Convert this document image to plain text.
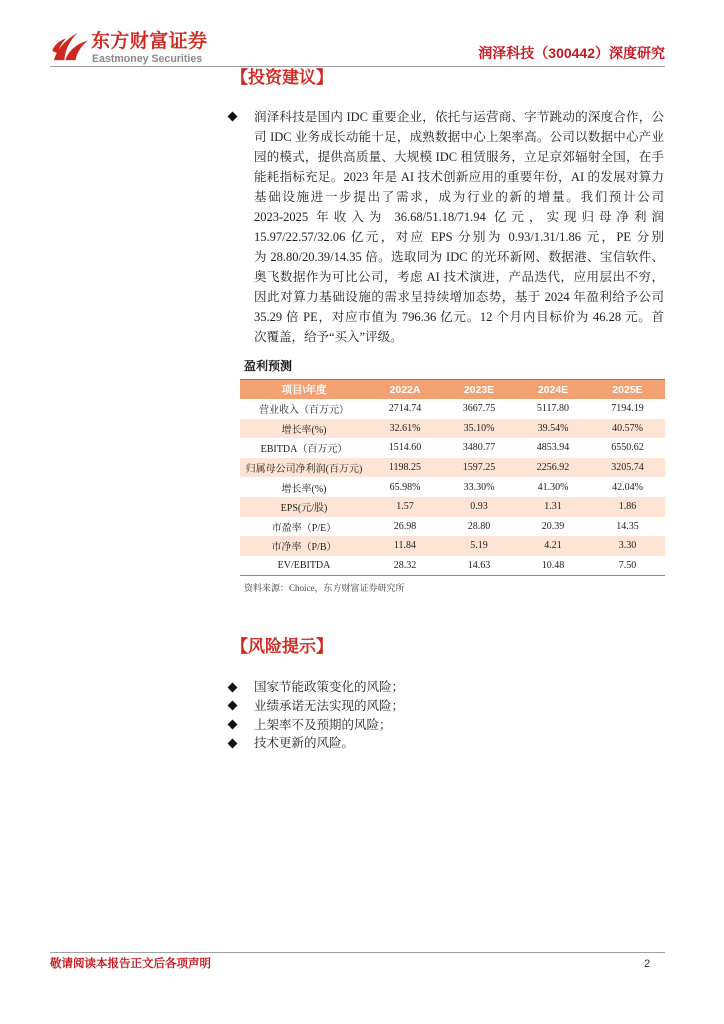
东方财富证券
Eastmoney Securities	润泽科技（300442）深度研究
【投资建议】
润泽科技是国内 IDC 重要企业，依托与运营商、字节跳动的深度合作，公
司 IDC 业务成长动能十足，成熟数据中心上架率高。公司以数据中心产业
园的模式，提供高质量、大规模 IDC 租赁服务，立足京郊辐射全国，在手
能耗指标充足。2023 年是 AI 技术创新应用的重要年份，AI 的发展对算力
基础设施进一步提出了需求，成为行业的新的增量。我们预计公司
2023-2025 年收入为 36.68/51.18/71.94 亿元，实现归母净利润
15.97/22.57/32.06 亿元，对应 EPS 分别为 0.93/1.31/1.86 元，PE 分别
为 28.80/20.39/14.35 倍。选取同为 IDC 的光环新网、数据港、宝信软件、
奥飞数据作为可比公司，考虑 AI 技术演进，产品迭代，应用层出不穷，
因此对算力基础设施的需求呈持续增加态势，基于 2024 年盈利给予公司
35.29 倍 PE，对应市值为 796.36 亿元。12 个月内目标价为 46.28 元。首
次覆盖，给予“买入”评级。
盈利预测
项目\年度	2022A	2023E	2024E	2025E
营业收入（百万元）	2714.74	3667.75	5117.80	7194.19
增长率(%)	32.61%	35.10%	39.54%	40.57%
EBITDA（百万元）	1514.60	3480.77	4853.94	6550.62
归属母公司净利润(百万元)	1198.25	1597.25	2256.92	3205.74
增长率(%)	65.98%	33.30%	41.30%	42.04%
EPS(元/股)	1.57	0.93	1.31	1.86
市盈率（P/E）	26.98	28.80	20.39	14.35
市净率（P/B）	11.84	5.19	4.21	3.30
EV/EBITDA	28.32	14.63	10.48	7.50
资料来源：Choice，东方财富证券研究所
【风险提示】
国家节能政策变化的风险；
业绩承诺无法实现的风险；
上架率不及预期的风险；
技术更新的风险。
敬请阅读本报告正文后各项声明	2
